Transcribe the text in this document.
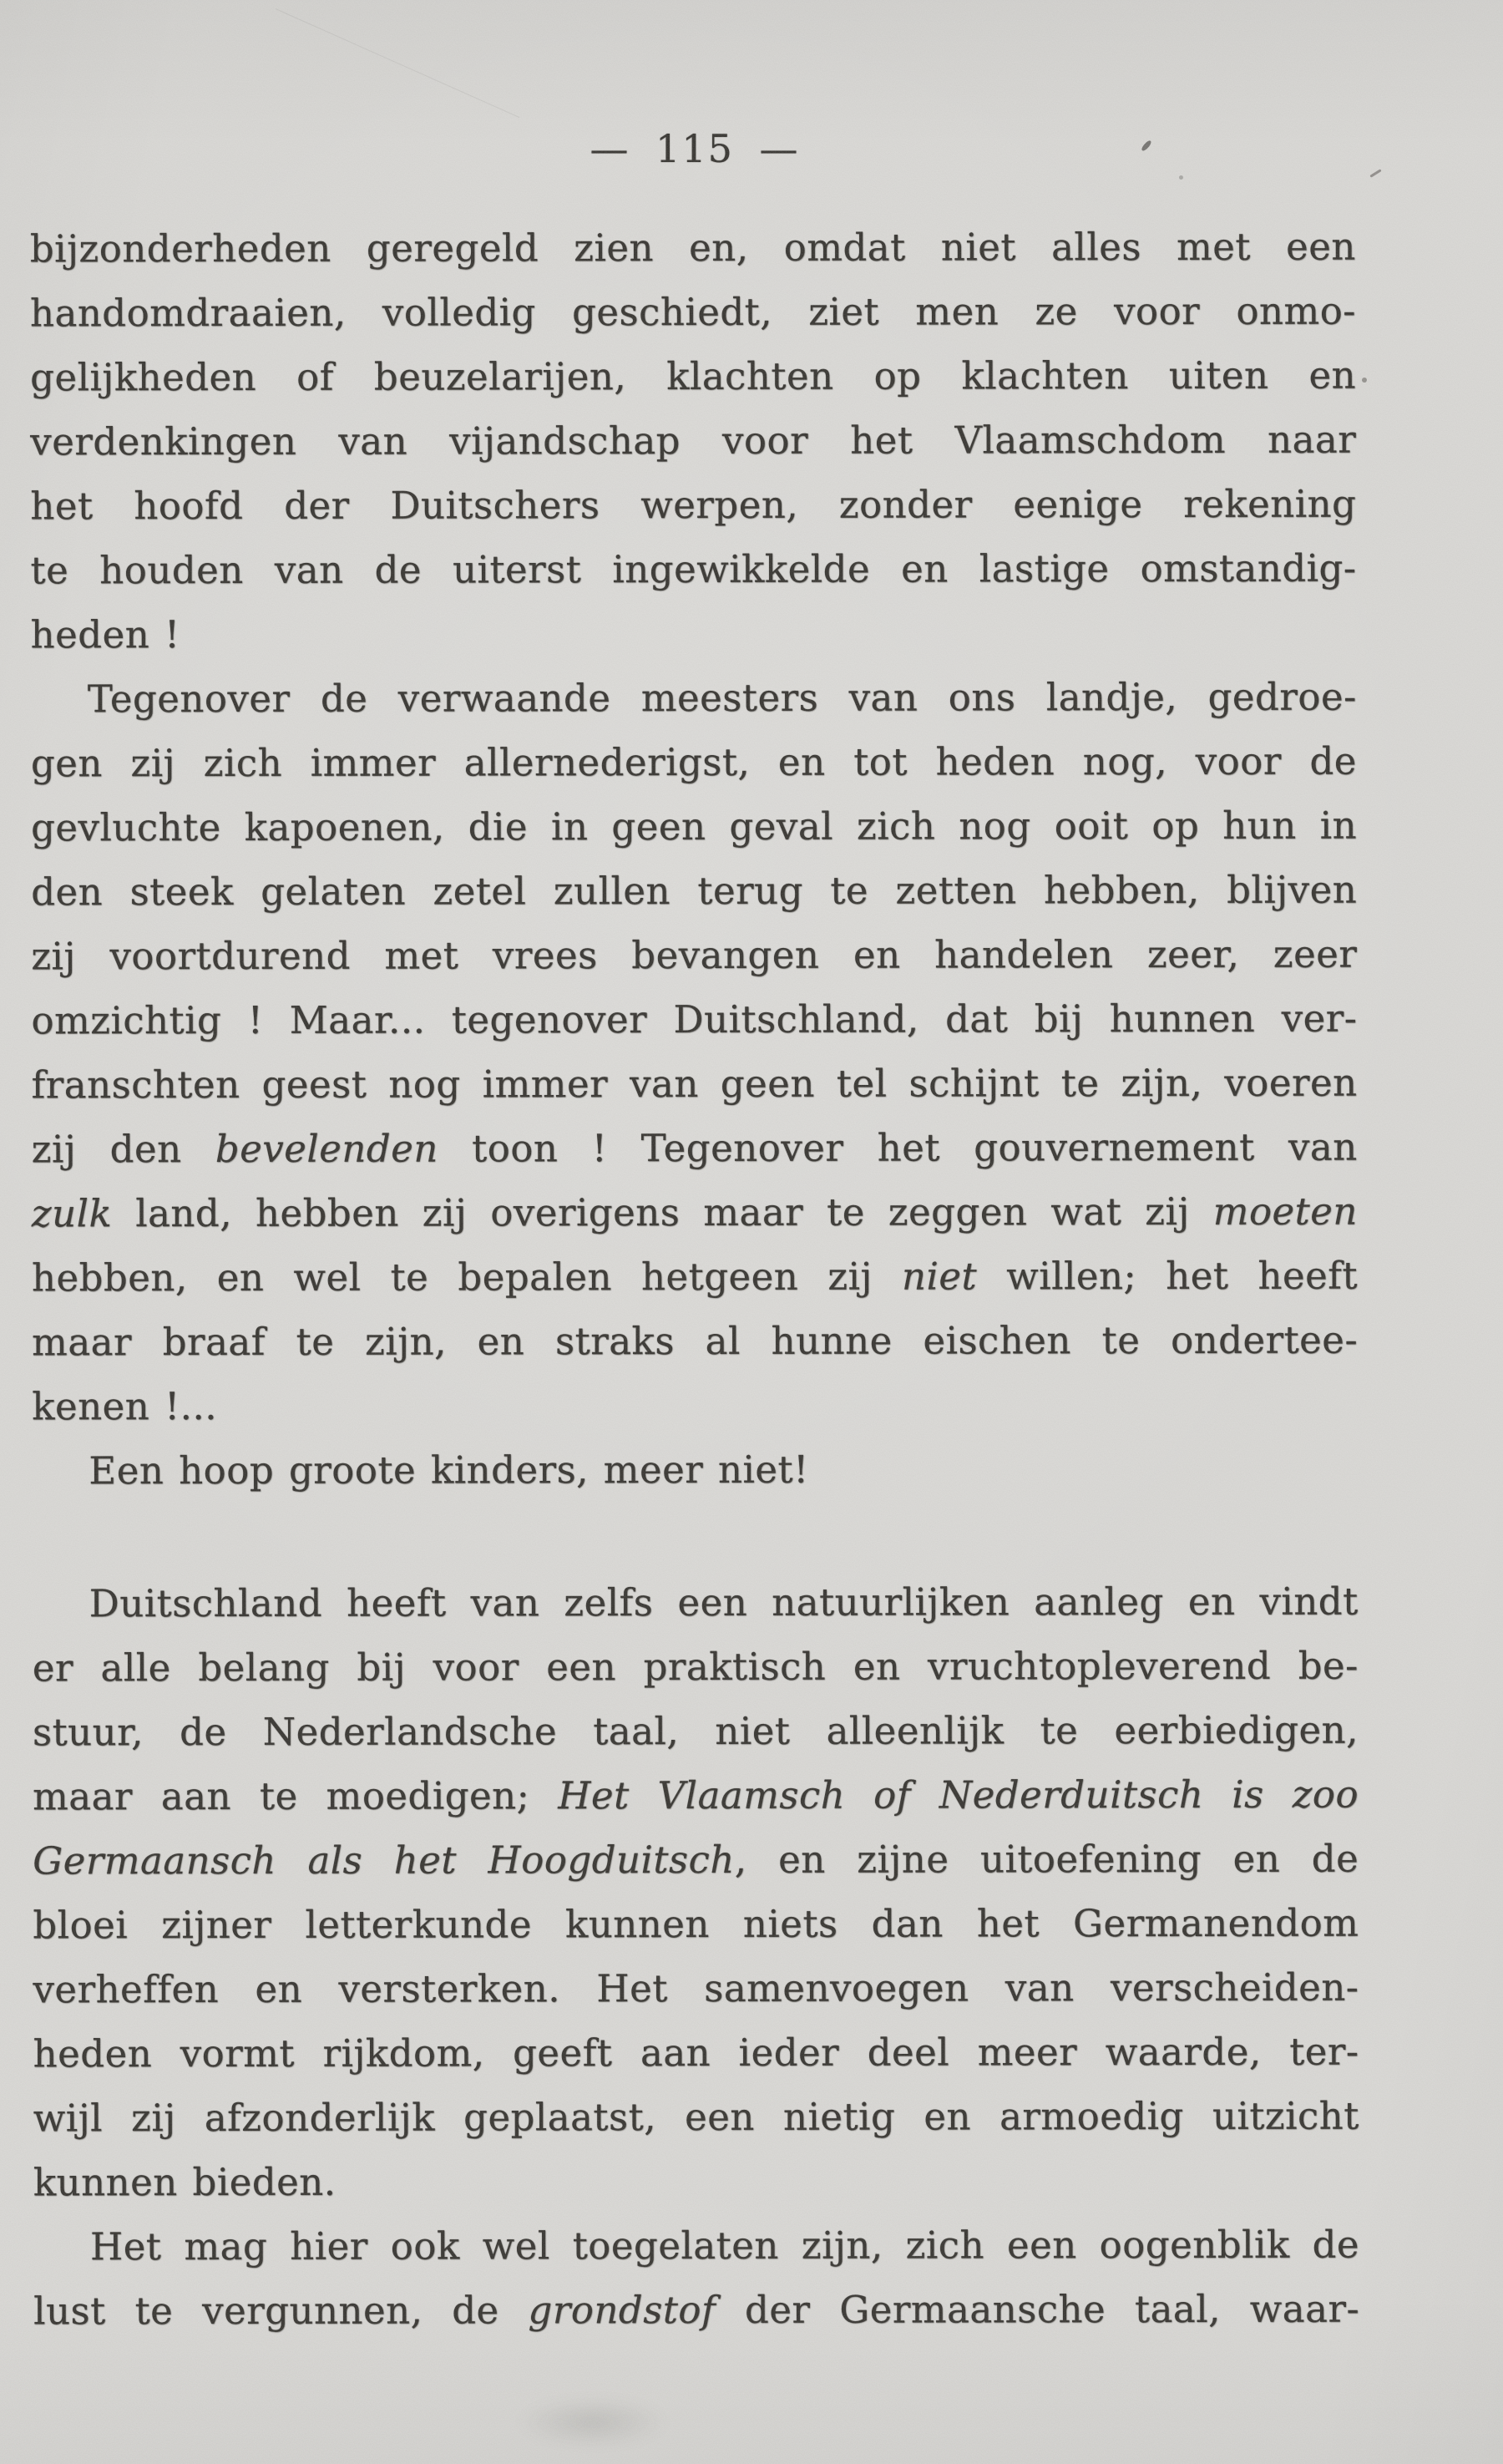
— 115 —
bijzonderheden geregeld zien en, omdat niet alles met een
handomdraaien, volledig geschiedt, ziet men ze voor onmo-
gelijkheden of beuzelarijen, klachten op klachten uiten en
verdenkingen van vijandschap voor het Vlaamschdom naar
het hoofd der Duitschers werpen, zonder eenige rekening
te houden van de uiterst ingewikkelde en lastige omstandig-
heden !
Tegenover de verwaande meesters van ons landje, gedroe-
gen zij zich immer allernederigst, en tot heden nog, voor de
gevluchte kapoenen, die in geen geval zich nog ooit op hun in
den steek gelaten zetel zullen terug te zetten hebben, blijven
zij voortdurend met vrees bevangen en handelen zeer, zeer
omzichtig ! Maar... tegenover Duitschland, dat bij hunnen ver-
franschten geest nog immer van geen tel schijnt te zijn, voeren
zij den bevelenden toon ! Tegenover het gouvernement van
zulk land, hebben zij overigens maar te zeggen wat zij moeten
hebben, en wel te bepalen hetgeen zij niet willen; het heeft
maar braaf te zijn, en straks al hunne eischen te ondertee-
kenen !...
Een hoop groote kinders, meer niet!
Duitschland heeft van zelfs een natuurlijken aanleg en vindt
er alle belang bij voor een praktisch en vruchtopleverend be-
stuur, de Nederlandsche taal, niet alleenlijk te eerbiedigen,
maar aan te moedigen; Het Vlaamsch of Nederduitsch is zoo
Germaansch als het Hoogduitsch, en zijne uitoefening en de
bloei zijner letterkunde kunnen niets dan het Germanendom
verheffen en versterken. Het samenvoegen van verscheiden-
heden vormt rijkdom, geeft aan ieder deel meer waarde, ter-
wijl zij afzonderlijk geplaatst, een nietig en armoedig uitzicht
kunnen bieden.
Het mag hier ook wel toegelaten zijn, zich een oogenblik de
lust te vergunnen, de grondstof der Germaansche taal, waar-
